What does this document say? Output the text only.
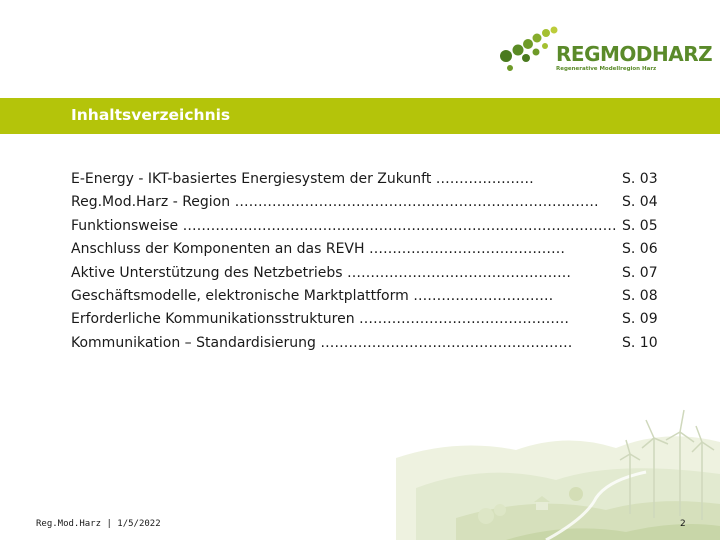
REGMODHARZ
Regenerative Modellregion Harz
Inhaltsverzeichnis
E-Energy - IKT-basiertes Energiesystem der Zukunft …………………	S. 03
Reg.Mod.Harz - Region …………………………………………………………………… S. 04
Funktionsweise ………………………………………………………………………………… S. 05
Anschluss der Komponenten an das REVH ……………………………………	S. 06
Aktive Unterstützung des Netzbetriebs …………………………………………	S. 07
Geschäftsmodelle, elektronische Marktplattform …………………………	S. 08
Erforderliche Kommunikationsstrukturen ………………………………………	S. 09
Kommunikation – Standardisierung ………………………………………………	S. 10
Reg.Mod.Harz | 1/5/2022	2
